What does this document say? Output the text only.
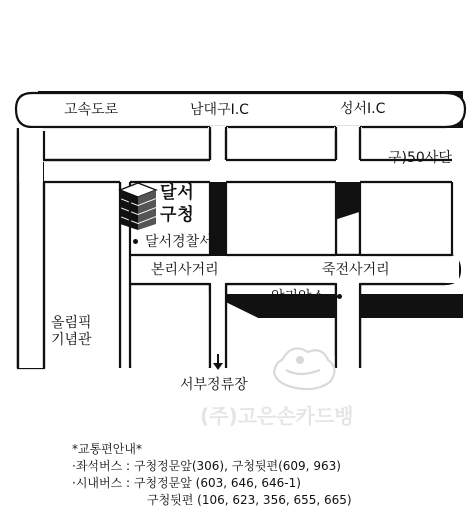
고속도로	남대구I.C	성서I.C
구)50사단
본리사거리	죽전사거리
올림픽
기념관
달서
구청
달서경찰서
알리앙스
서부정류장
(주)고은손카드뱅
*교통편안내*
·좌석버스 : 구청정문앞(306), 구청뒷편(609, 963)
·시내버스 : 구청정문앞 (603, 646, 646-1)
구청뒷편 (106, 623, 356, 655, 665)
